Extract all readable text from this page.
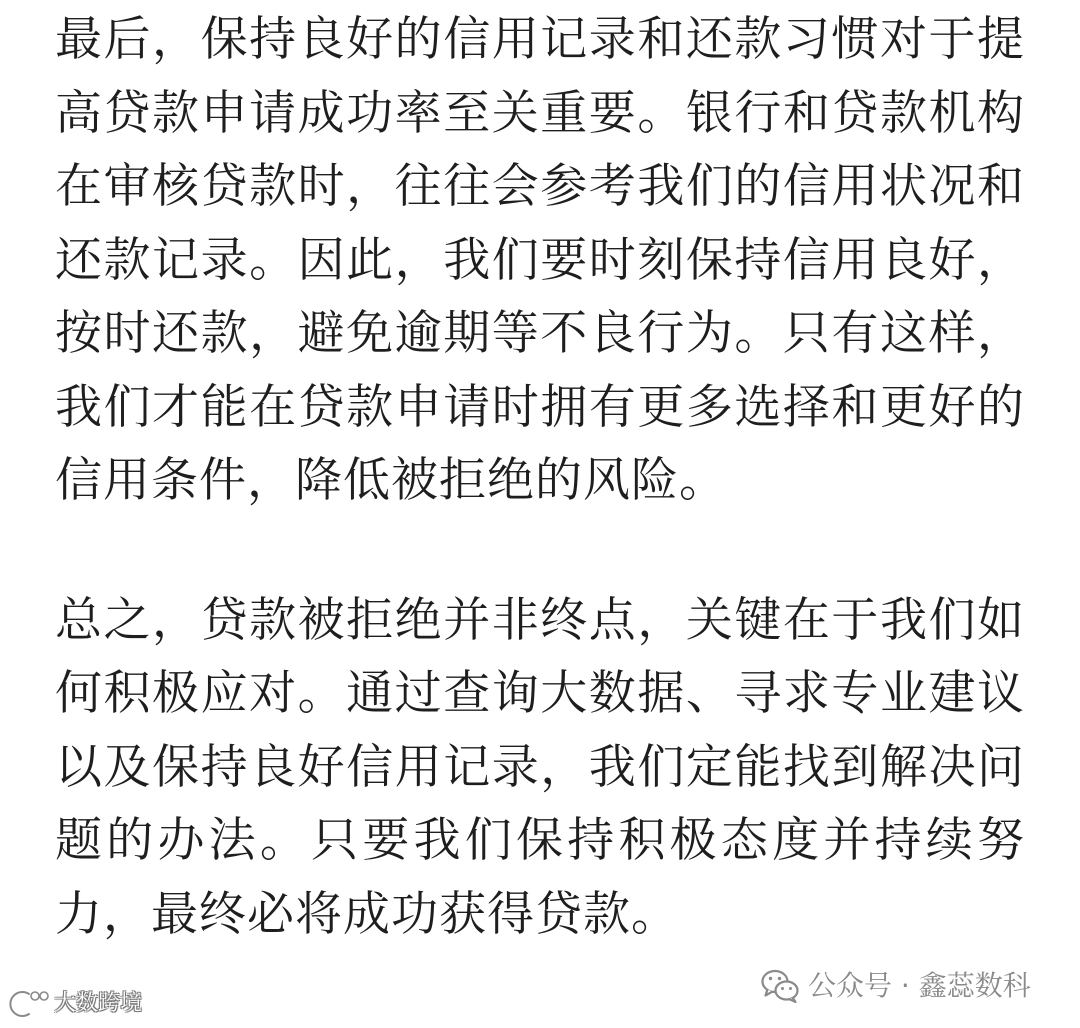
最后，保持良好的信用记录和还款习惯对于提
高贷款申请成功率至关重要。银行和贷款机构
在审核贷款时，往往会参考我们的信用状况和
还款记录。因此，我们要时刻保持信用良好，
按时还款，避免逾期等不良行为。只有这样，
我们才能在贷款申请时拥有更多选择和更好的
信用条件，降低被拒绝的风险。
总之，贷款被拒绝并非终点，关键在于我们如
何积极应对。通过查询大数据、寻求专业建议
以及保持良好信用记录，我们定能找到解决问
题的办法。只要我们保持积极态度并持续努
力，最终必将成功获得贷款。
公众号 · 鑫蕊数科
大数跨境
